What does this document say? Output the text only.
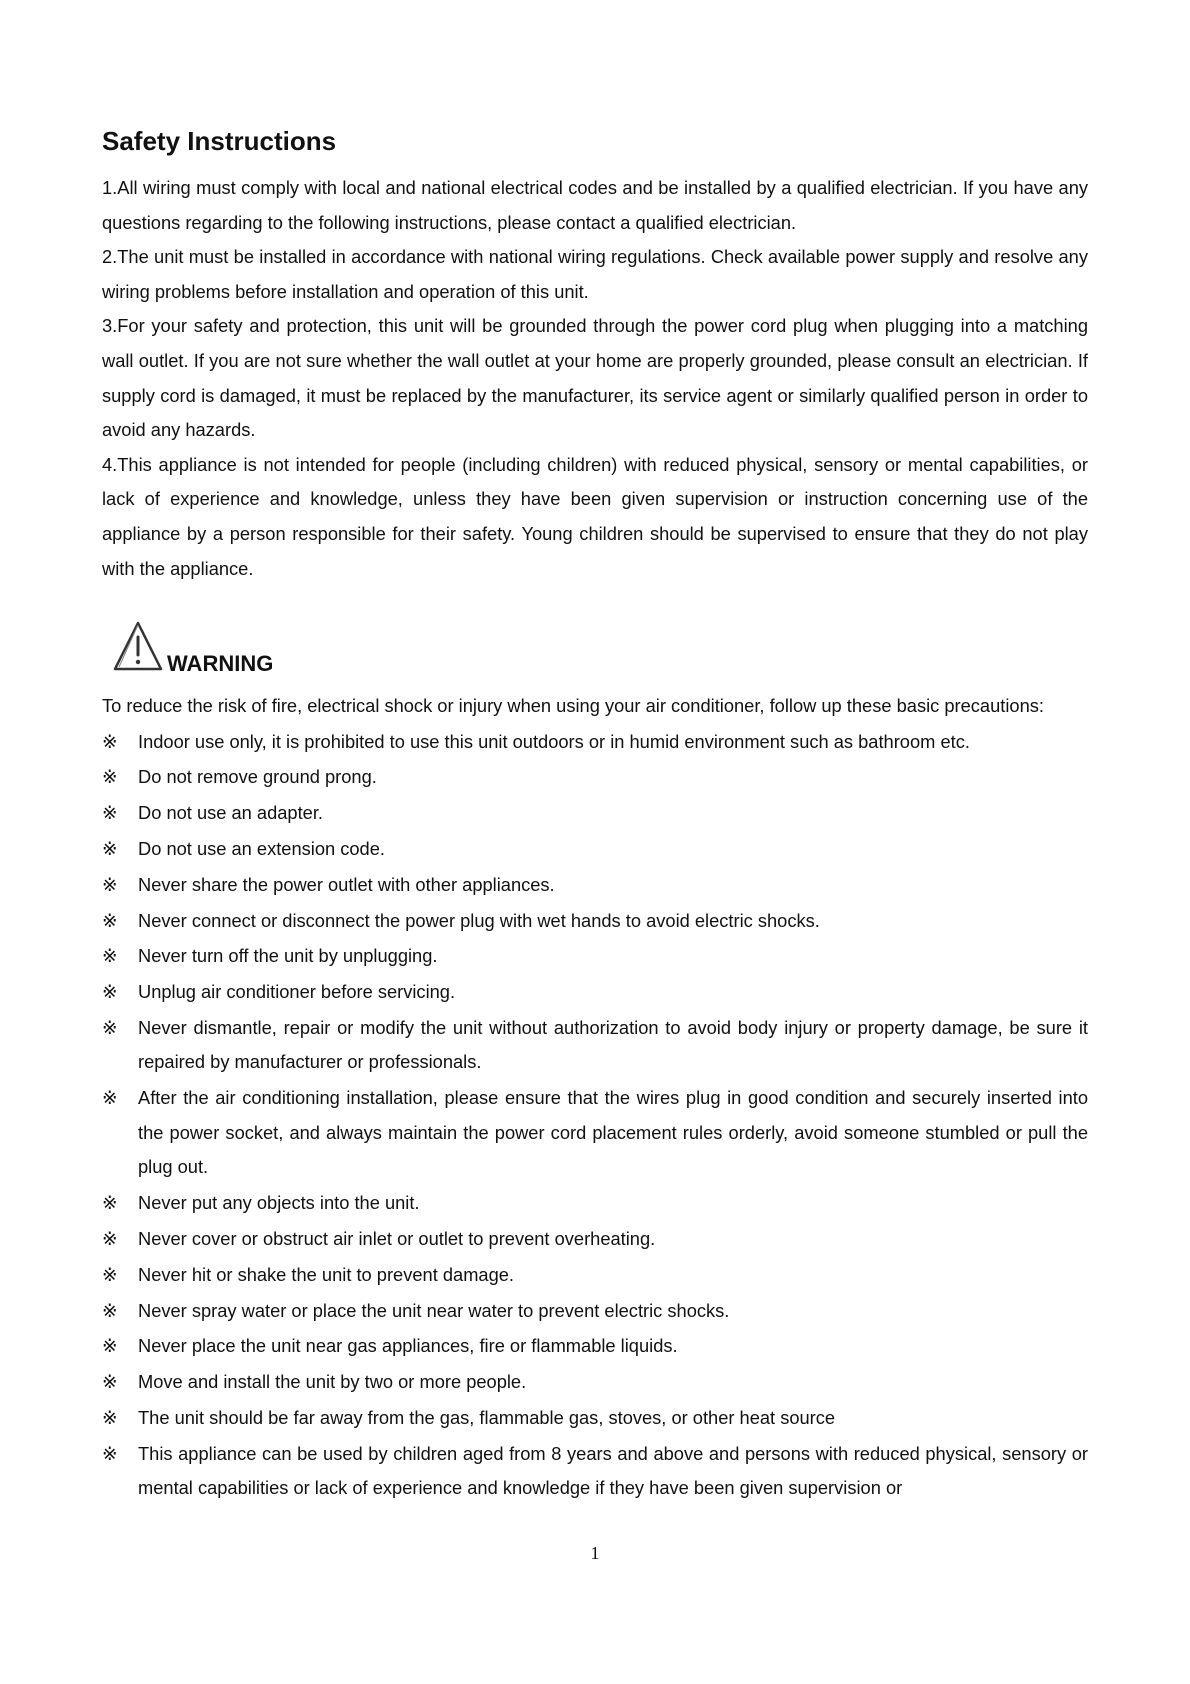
Safety Instructions

1.All wiring must comply with local and national electrical codes and be installed by a qualified electrician. If you have any questions regarding to the following instructions, please contact a qualified electrician.

2.The unit must be installed in accordance with national wiring regulations. Check available power supply and resolve any wiring problems before installation and operation of this unit.

3.For your safety and protection, this unit will be grounded through the power cord plug when plugging into a matching wall outlet. If you are not sure whether the wall outlet at your home are properly grounded, please consult an electrician. If supply cord is damaged, it must be replaced by the manufacturer, its service agent or similarly qualified person in order to avoid any hazards.

4.This appliance is not intended for people (including children) with reduced physical, sensory or mental capabilities, or lack of experience and knowledge, unless they have been given supervision or instruction concerning use of the appliance by a person responsible for their safety. Young children should be supervised to ensure that they do not play with the appliance.

WARNING

To reduce the risk of fire, electrical shock or injury when using your air conditioner, follow up these basic precautions:

※	Indoor use only, it is prohibited to use this unit outdoors or in humid environment such as bathroom etc.
※	Do not remove ground prong.
※	Do not use an adapter.
※	Do not use an extension code.
※	Never share the power outlet with other appliances.
※	Never connect or disconnect the power plug with wet hands to avoid electric shocks.
※	Never turn off the unit by unplugging.
※	Unplug air conditioner before servicing.
※	Never dismantle, repair or modify the unit without authorization to avoid body injury or property damage, be sure it repaired by manufacturer or professionals.
※	After the air conditioning installation, please ensure that the wires plug in good condition and securely inserted into the power socket, and always maintain the power cord placement rules orderly, avoid someone stumbled or pull the plug out.
※	Never put any objects into the unit.
※	Never cover or obstruct air inlet or outlet to prevent overheating.
※	Never hit or shake the unit to prevent damage.
※	Never spray water or place the unit near water to prevent electric shocks.
※	Never place the unit near gas appliances, fire or flammable liquids.
※	Move and install the unit by two or more people.
※	The unit should be far away from the gas, flammable gas, stoves, or other heat source
※	This appliance can be used by children aged from 8 years and above and persons with reduced physical, sensory or mental capabilities or lack of experience and knowledge if they have been given supervision or
1
